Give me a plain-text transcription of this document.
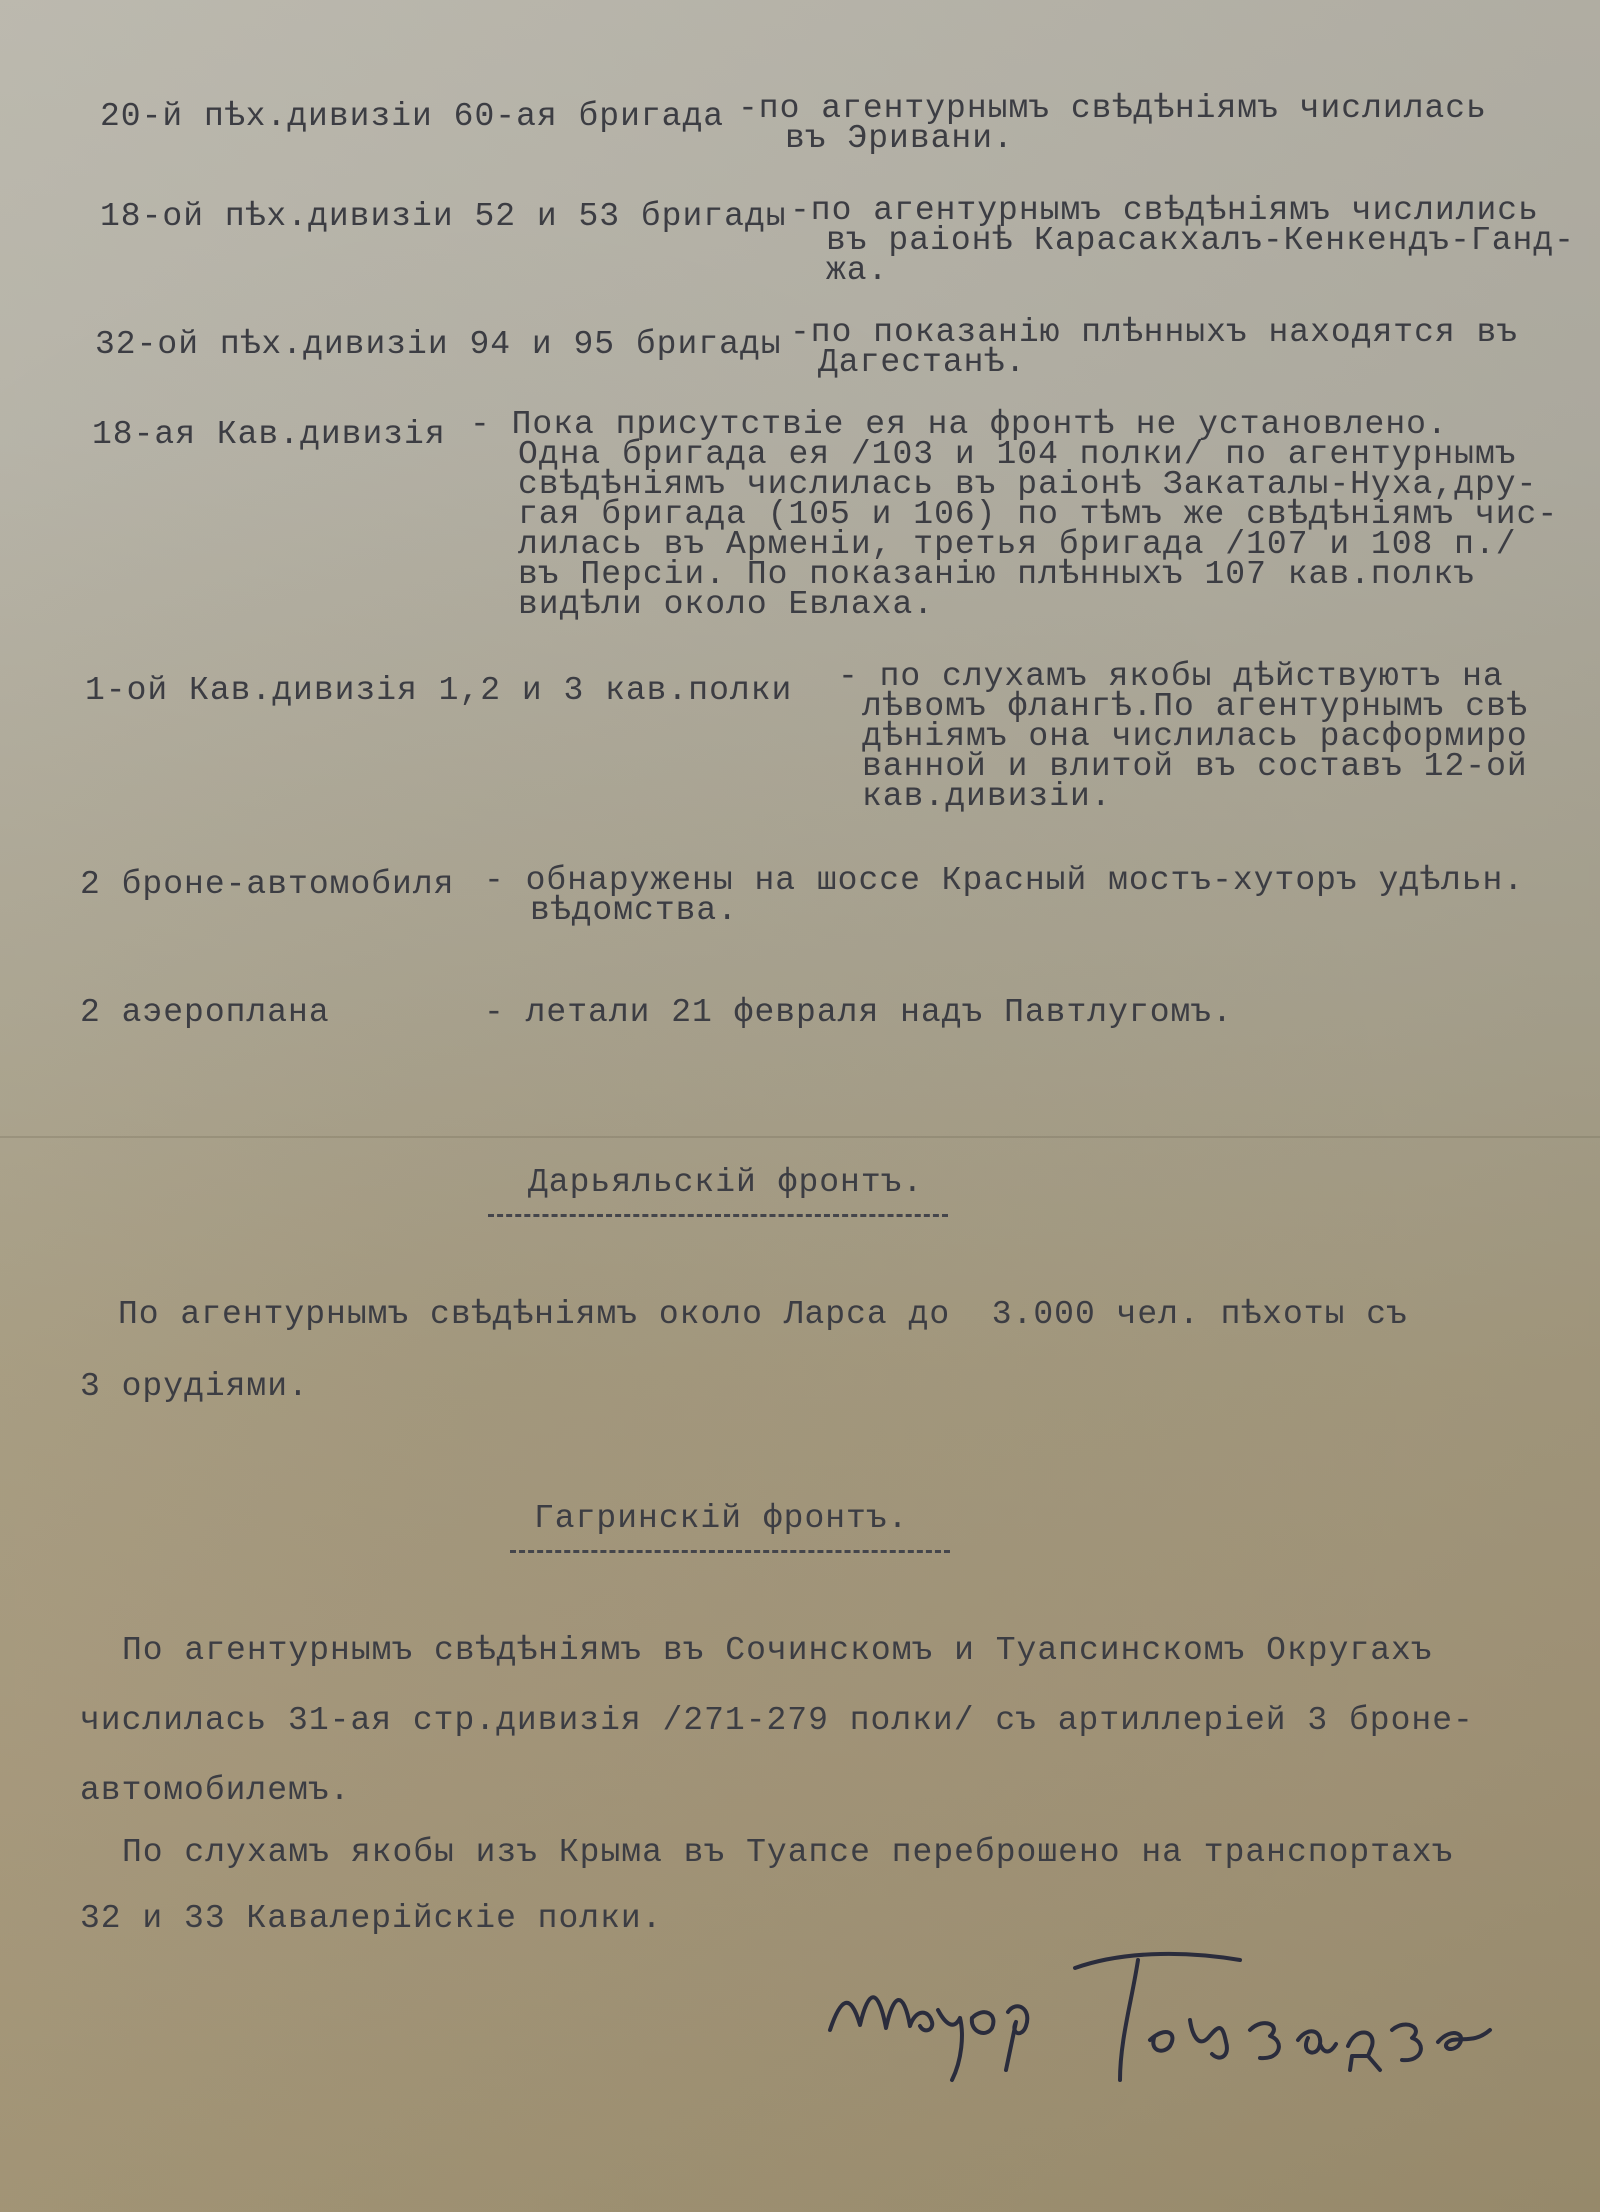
20-й пѣх.дивизiи 60-ая бригада -по агентурнымъ свѣдѣнiямъ числилась
въ Эривани.
18-ой пѣх.дивизiи 52 и 53 бригады -по агентурнымъ свѣдѣнiямъ числились
въ раiонѣ Карасакхалъ-Кенкендъ-Ганд-
жа.
32-ой пѣх.дивизiи 94 и 95 бригады -по показанiю плѣнныхъ находятся въ
Дагестанѣ.
18-ая Кав.дивизiя - Пока присутствiе ея на фронтѣ не установлено.
Одна бригада ея /103 и 104 полки/ по агентурнымъ
свѣдѣнiямъ числилась въ раiонѣ Закаталы-Нуха,дру-
гая бригада (105 и 106) по тѣмъ же свѣдѣнiямъ чис-
лилась въ Арменiи, третья бригада /107 и 108 п./
въ Персiи. По показанiю плѣнныхъ 107 кав.полкъ
видѣли около Евлаха.
1-ой Кав.дивизiя 1,2 и 3 кав.полки - по слухамъ якобы дѣйствуютъ на
лѣвомъ флангѣ.По агентурнымъ свѣ
дѣнiямъ она числилась расформиро
ванной и влитой въ составъ 12-ой
кав.дивизiи.
2 броне-автомобиля - обнаружены на шоссе Красный мостъ-хуторъ удѣльн.
вѣдомства.
2 аэероплана	- летали 21 февраля надъ Павтлугомъ.
Дарьяльскiй фронтъ.
По агентурнымъ свѣдѣнiямъ около Ларса до  3.000 чел. пѣхоты съ
3 орудiями.
Гагринскiй фронтъ.
По агентурнымъ свѣдѣнiямъ въ Сочинскомъ и Туапсинскомъ Округахъ
числилась 31-ая стр.дивизiя /271-279 полки/ съ артиллерiей 3 броне-
автомобилемъ.
По слухамъ якобы изъ Крыма въ Туапсе переброшено на транспортахъ
32 и 33 Кавалерiйскiе полки.
